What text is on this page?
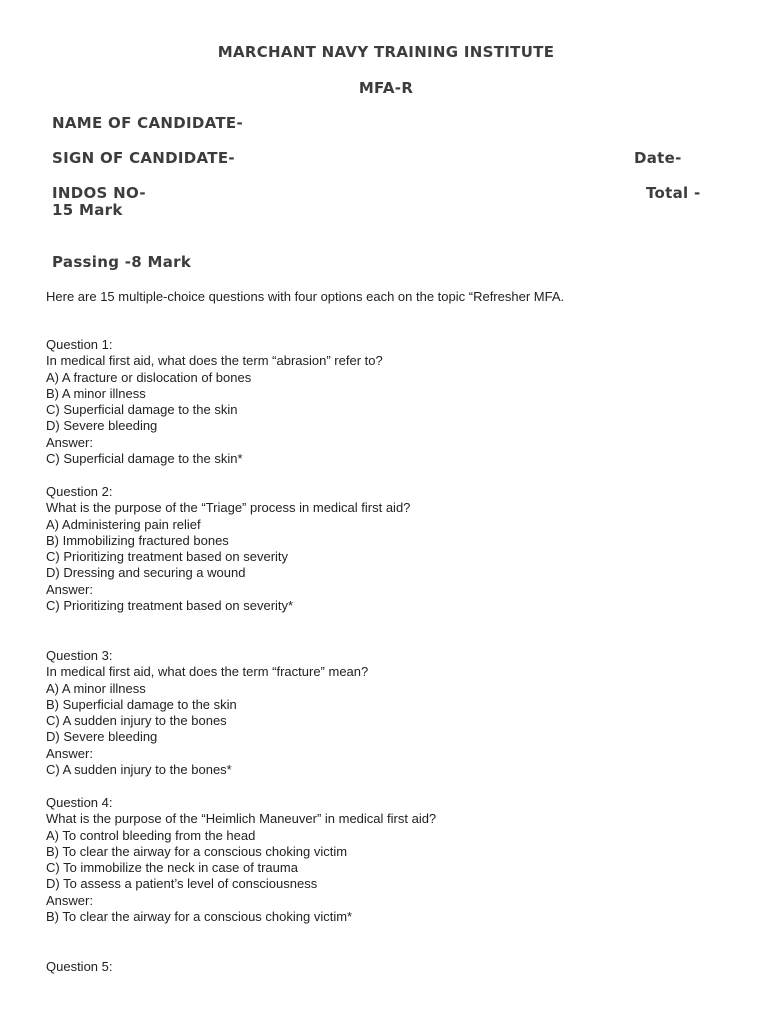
MARCHANT NAVY TRAINING INSTITUTE
MFA-R
NAME OF CANDIDATE-
SIGN OF CANDIDATE-	Date-
INDOS NO-	Total -
15 Mark
Passing -8 Mark
Here are 15 multiple-choice questions with four options each on the topic “Refresher MFA.
Question 1:
In medical first aid, what does the term “abrasion” refer to?
A) A fracture or dislocation of bones
B) A minor illness
C) Superficial damage to the skin
D) Severe bleeding
Answer:
C) Superficial damage to the skin*
Question 2:
What is the purpose of the “Triage” process in medical first aid?
A) Administering pain relief
B) Immobilizing fractured bones
C) Prioritizing treatment based on severity
D) Dressing and securing a wound
Answer:
C) Prioritizing treatment based on severity*
Question 3:
In medical first aid, what does the term “fracture” mean?
A) A minor illness
B) Superficial damage to the skin
C) A sudden injury to the bones
D) Severe bleeding
Answer:
C) A sudden injury to the bones*
Question 4:
What is the purpose of the “Heimlich Maneuver” in medical first aid?
A) To control bleeding from the head
B) To clear the airway for a conscious choking victim
C) To immobilize the neck in case of trauma
D) To assess a patient’s level of consciousness
Answer:
B) To clear the airway for a conscious choking victim*
Question 5:
